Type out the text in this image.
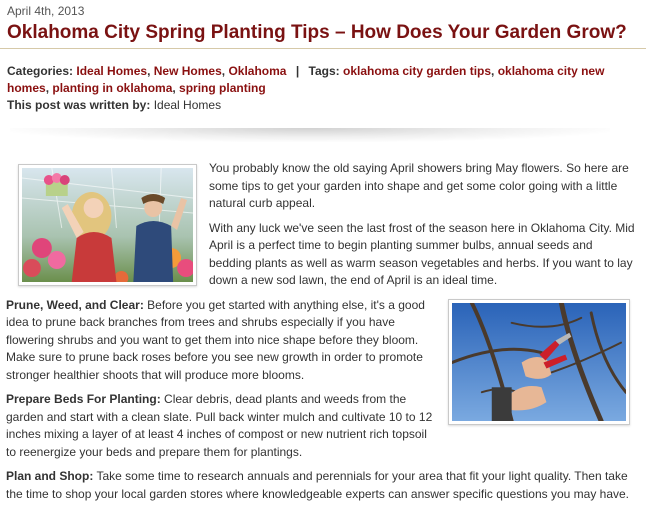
April 4th, 2013
Oklahoma City Spring Planting Tips – How Does Your Garden Grow?
Categories: Ideal Homes, New Homes, Oklahoma | Tags: oklahoma city garden tips, oklahoma city new homes, planting in oklahoma, spring planting
This post was written by: Ideal Homes

You probably know the old saying April showers bring May flowers. So here are some tips to get your garden into shape and get some color going with a little natural curb appeal.

With any luck we've seen the last frost of the season here in Oklahoma City. Mid April is a perfect time to begin planting summer bulbs, annual seeds and bedding plants as well as warm season vegetables and herbs. If you want to lay down a new sod lawn, the end of April is an ideal time.

Prune, Weed, and Clear:
Before you get started with anything else, it's a good idea to prune back branches from trees and shrubs especially if you have flowering shrubs and you want to get them into nice shape before they bloom. Make sure to prune back roses before you see new growth in order to promote stronger healthier shoots that will produce more blooms.

Prepare Beds For Planting: Clear debris, dead plants and weeds from the garden and start with a clean slate. Pull back winter mulch and cultivate 10 to 12 inches mixing a layer of at least 4 inches of compost or new nutrient rich topsoil to reenergize your beds and prepare them for plantings.

Plan and Shop: Take some time to research annuals and perennials for your area that fit your light quality. Then take the time to shop your local garden stores where knowledgeable experts can answer specific questions you may have.
